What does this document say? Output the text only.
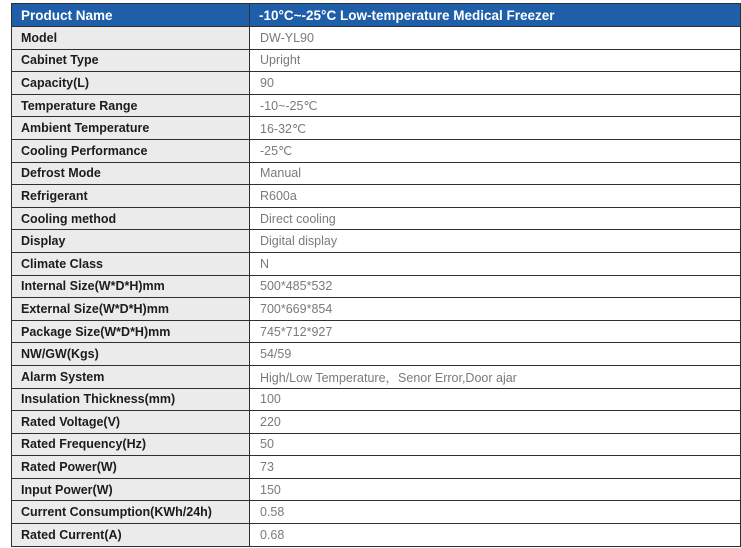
Product Name	-10°C~-25°C Low-temperature Medical Freezer
Model	DW-YL90
Cabinet Type	Upright
Capacity(L)	90
Temperature Range	-10~-25℃
Ambient Temperature	16-32℃
Cooling Performance	-25℃
Defrost Mode	Manual
Refrigerant	R600a
Cooling method	Direct cooling
Display	Digital display
Climate Class	N
Internal Size(W*D*H)mm	500*485*532
External Size(W*D*H)mm	700*669*854
Package Size(W*D*H)mm	745*712*927
NW/GW(Kgs)	54/59
Alarm System	High/Low Temperature，Senor Error,Door ajar
Insulation Thickness(mm)	100
Rated Voltage(V)	220
Rated Frequency(Hz)	50
Rated Power(W)	73
Input Power(W)	150
Current Consumption(KWh/24h)	0.58
Rated Current(A)	0.68
